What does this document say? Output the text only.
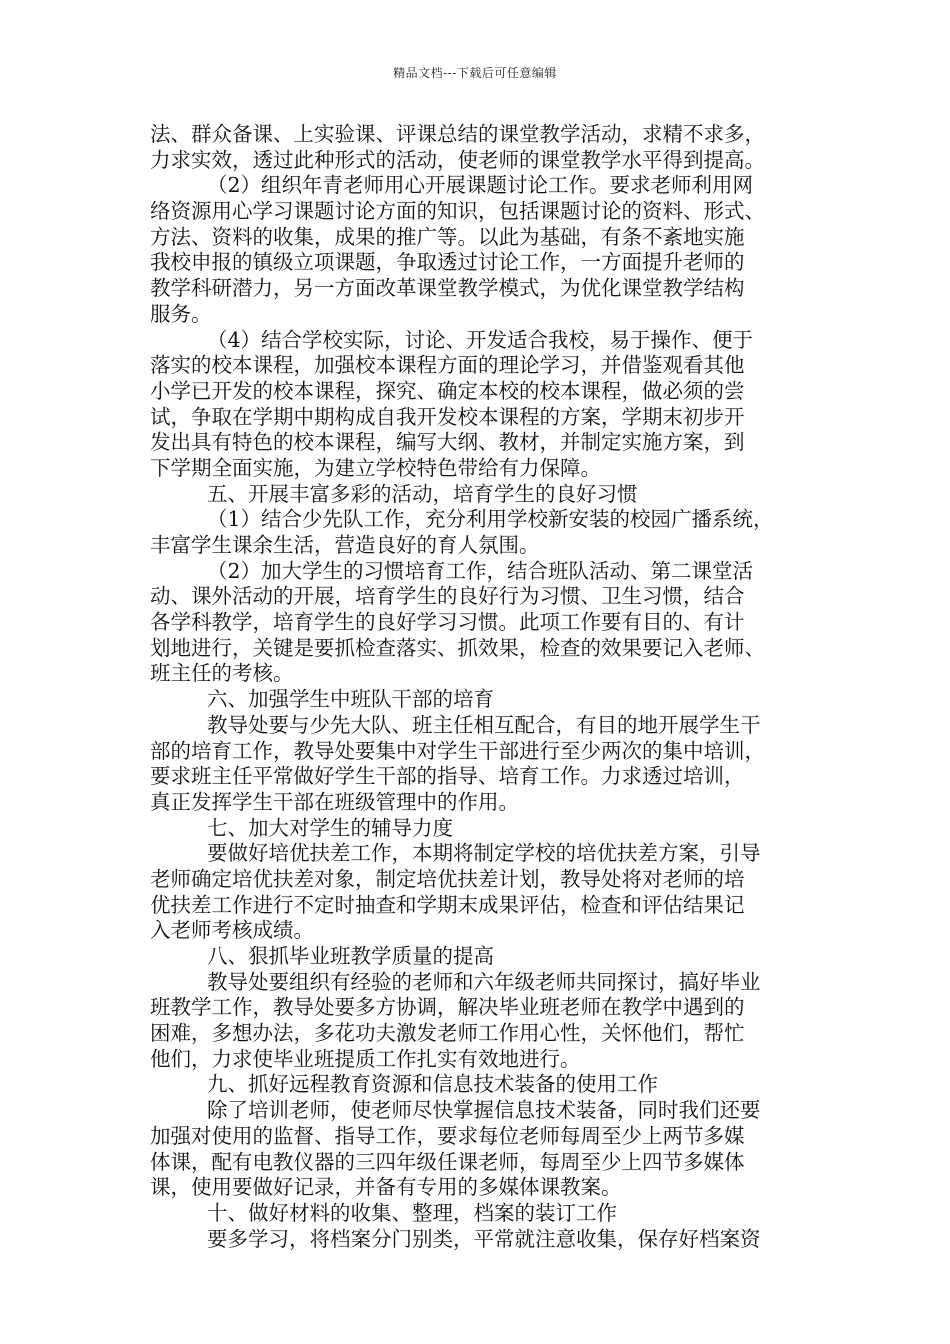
精品文档---下载后可任意编辑
法、群众备课、上实验课、评课总结的课堂教学活动，求精不求多，
力求实效，透过此种形式的活动，使老师的课堂教学水平得到提高。
（2）组织年青老师用心开展课题讨论工作。要求老师利用网
络资源用心学习课题讨论方面的知识，包括课题讨论的资料、形式、
方法、资料的收集，成果的推广等。以此为基础，有条不紊地实施
我校申报的镇级立项课题，争取透过讨论工作，一方面提升老师的
教学科研潜力，另一方面改革课堂教学模式，为优化课堂教学结构
服务。
（4）结合学校实际，讨论、开发适合我校，易于操作、便于
落实的校本课程，加强校本课程方面的理论学习，并借鉴观看其他
小学已开发的校本课程，探究、确定本校的校本课程，做必须的尝
试，争取在学期中期构成自我开发校本课程的方案，学期末初步开
发出具有特色的校本课程，编写大纲、教材，并制定实施方案，到
下学期全面实施，为建立学校特色带给有力保障。
五、开展丰富多彩的活动，培育学生的良好习惯
（1）结合少先队工作，充分利用学校新安装的校园广播系统，
丰富学生课余生活，营造良好的育人氛围。
（2）加大学生的习惯培育工作，结合班队活动、第二课堂活
动、课外活动的开展，培育学生的良好行为习惯、卫生习惯，结合
各学科教学，培育学生的良好学习习惯。此项工作要有目的、有计
划地进行，关键是要抓检查落实、抓效果，检查的效果要记入老师、
班主任的考核。
六、加强学生中班队干部的培育
教导处要与少先大队、班主任相互配合，有目的地开展学生干
部的培育工作，教导处要集中对学生干部进行至少两次的集中培训，
要求班主任平常做好学生干部的指导、培育工作。力求透过培训，
真正发挥学生干部在班级管理中的作用。
七、加大对学生的辅导力度
要做好培优扶差工作，本期将制定学校的培优扶差方案，引导
老师确定培优扶差对象，制定培优扶差计划，教导处将对老师的培
优扶差工作进行不定时抽查和学期末成果评估，检查和评估结果记
入老师考核成绩。
八、狠抓毕业班教学质量的提高
教导处要组织有经验的老师和六年级老师共同探讨，搞好毕业
班教学工作，教导处要多方协调，解决毕业班老师在教学中遇到的
困难，多想办法，多花功夫激发老师工作用心性，关怀他们，帮忙
他们，力求使毕业班提质工作扎实有效地进行。
九、抓好远程教育资源和信息技术装备的使用工作
除了培训老师，使老师尽快掌握信息技术装备，同时我们还要
加强对使用的监督、指导工作，要求每位老师每周至少上两节多媒
体课，配有电教仪器的三四年级任课老师，每周至少上四节多媒体
课，使用要做好记录，并备有专用的多媒体课教案。
十、做好材料的收集、整理，档案的装订工作
要多学习，将档案分门别类，平常就注意收集，保存好档案资
